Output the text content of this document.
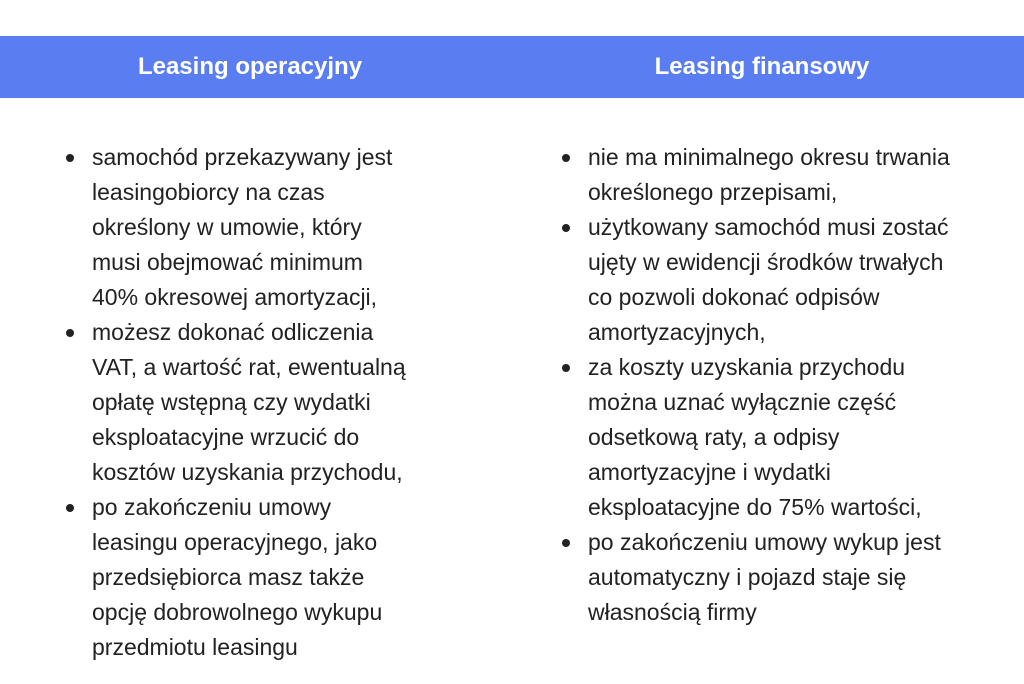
Leasing operacyjny	Leasing finansowy
samochód przekazywany jest
leasingobiorcy na czas
określony w umowie, który
musi obejmować minimum
40% okresowej amortyzacji,
możesz dokonać odliczenia
VAT, a wartość rat, ewentualną
opłatę wstępną czy wydatki
eksploatacyjne wrzucić do
kosztów uzyskania przychodu,
po zakończeniu umowy
leasingu operacyjnego, jako
przedsiębiorca masz także
opcję dobrowolnego wykupu
przedmiotu leasingu
nie ma minimalnego okresu trwania
określonego przepisami,
użytkowany samochód musi zostać
ujęty w ewidencji środków trwałych
co pozwoli dokonać odpisów
amortyzacyjnych,
za koszty uzyskania przychodu
można uznać wyłącznie część
odsetkową raty, a odpisy
amortyzacyjne i wydatki
eksploatacyjne do 75% wartości,
po zakończeniu umowy wykup jest
automatyczny i pojazd staje się
własnością firmy
